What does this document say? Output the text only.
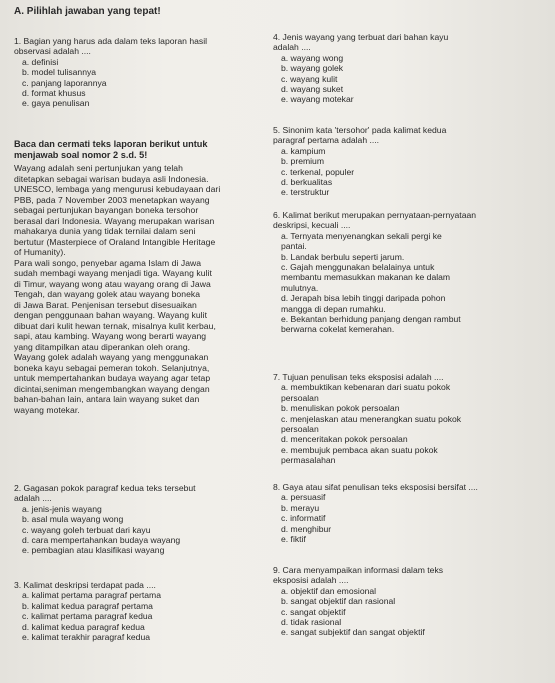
A. Pilihlah jawaban yang tepat!
1. Bagian yang harus ada dalam teks laporan hasil
observasi adalah ....
a. definisi
b. model tulisannya
c. panjang laporannya
d. format khusus
e. gaya penulisan
Baca dan cermati teks laporan berikut untuk
menjawab soal nomor 2 s.d. 5!
Wayang adalah seni pertunjukan yang telah
ditetapkan sebagai warisan budaya asli Indonesia.
UNESCO, lembaga yang mengurusi kebudayaan dari
PBB, pada 7 November 2003 menetapkan wayang
sebagai pertunjukan bayangan boneka tersohor
berasal dari Indonesia. Wayang merupakan warisan
mahakarya dunia yang tidak ternilai dalam seni
bertutur (Masterpiece of Oraland Intangible Heritage
of Humanity).
Para wali songo, penyebar agama Islam di Jawa
sudah membagi wayang menjadi tiga. Wayang kulit
di Timur, wayang wong atau wayang orang di Jawa
Tengah, dan wayang golek atau wayang boneka
di Jawa Barat. Penjenisan tersebut disesuaikan
dengan penggunaan bahan wayang. Wayang kulit
dibuat dari kulit hewan ternak, misalnya kulit kerbau,
sapi, atau kambing. Wayang wong berarti wayang
yang ditampilkan atau diperankan oleh orang.
Wayang golek adalah wayang yang menggunakan
boneka kayu sebagai pemeran tokoh. Selanjutnya,
untuk mempertahankan budaya wayang agar tetap
dicintai,seniman mengembangkan wayang dengan
bahan-bahan lain, antara lain wayang suket dan
wayang motekar.
2. Gagasan pokok paragraf kedua teks tersebut
adalah ....
a. jenis-jenis wayang
b. asal mula wayang wong
c. wayang goleh terbuat dari kayu
d. cara mempertahankan budaya wayang
e. pembagian atau klasifikasi wayang
3. Kalimat deskripsi terdapat pada ....
a. kalimat pertama paragraf pertama
b. kalimat kedua paragraf pertama
c. kalimat pertama paragraf kedua
d. kalimat kedua paragraf kedua
e. kalimat terakhir paragraf kedua
4. Jenis wayang yang terbuat dari bahan kayu
adalah ....
a. wayang wong
b. wayang golek
c. wayang kulit
d. wayang suket
e. wayang motekar
5. Sinonim kata 'tersohor' pada kalimat kedua
paragraf pertama adalah ....
a. kampium
b. premium
c. terkenal, populer
d. berkualitas
e. terstruktur
6. Kalimat berikut merupakan pernyataan-pernyataan
deskripsi, kecuali ....
a. Ternyata menyenangkan sekali pergi ke
pantai.
b. Landak berbulu seperti jarum.
c. Gajah menggunakan belalainya untuk
membantu memasukkan makanan ke dalam
mulutnya.
d. Jerapah bisa lebih tinggi daripada pohon
mangga di depan rumahku.
e. Bekantan berhidung panjang dengan rambut
berwarna cokelat kemerahan.
7. Tujuan penulisan teks eksposisi adalah ....
a. membuktikan kebenaran dari suatu pokok
persoalan
b. menuliskan pokok persoalan
c. menjelaskan atau menerangkan suatu pokok
persoalan
d. menceritakan pokok persoalan
e. membujuk pembaca akan suatu pokok
permasalahan
8. Gaya atau sifat penulisan teks eksposisi bersifat ....
a. persuasif
b. merayu
c. informatif
d. menghibur
e. fiktif
9. Cara menyampaikan informasi dalam teks
eksposisi adalah ....
a. objektif dan emosional
b. sangat objektif dan rasional
c. sangat objektif
d. tidak rasional
e. sangat subjektif dan sangat objektif
